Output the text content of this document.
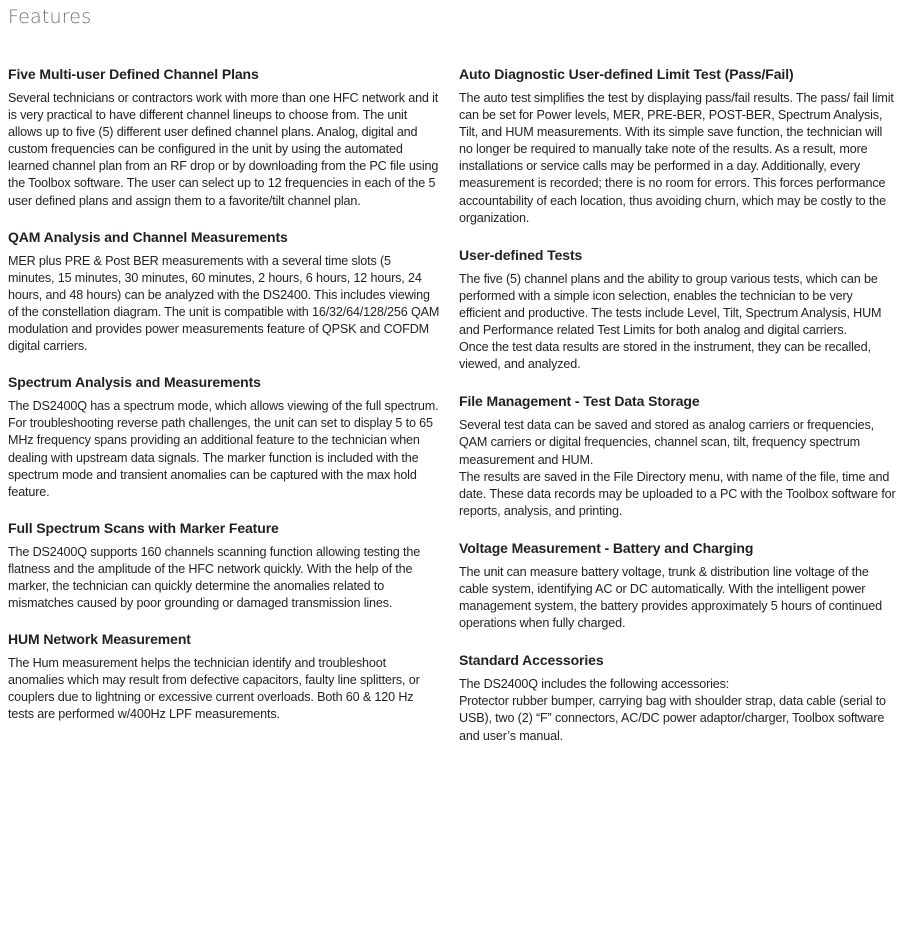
Features
Five Multi-user Defined Channel Plans

Several technicians or contractors work with more than one HFC network and it is very practical to have different channel lineups to choose from. The unit allows up to five (5) different user defined channel plans. Analog, digital and custom frequencies can be configured in the unit by using the automated learned channel plan from an RF drop or by downloading from the PC file using the Toolbox software. The user can select up to 12 frequencies in each of the 5 user defined plans and assign them to a favorite/tilt channel plan.

QAM Analysis and Channel Measurements

MER plus PRE & Post BER measurements with a several time slots (5 minutes, 15 minutes, 30 minutes, 60 minutes, 2 hours, 6 hours, 12 hours, 24 hours, and 48 hours) can be analyzed with the DS2400. This includes viewing of the constellation diagram. The unit is compatible with 16/32/64/128/256 QAM modulation and provides power measurements feature of QPSK and COFDM digital carriers.

Spectrum Analysis and Measurements

The DS2400Q has a spectrum mode, which allows viewing of the full spectrum. For troubleshooting reverse path challenges, the unit can set to display 5 to 65 MHz frequency spans providing an additional feature to the technician when dealing with upstream data signals. The marker function is included with the spectrum mode and transient anomalies can be captured with the max hold feature.

Full Spectrum Scans with Marker Feature

The DS2400Q supports 160 channels scanning function allowing testing the flatness and the amplitude of the HFC network quickly. With the help of the marker, the technician can quickly determine the anomalies related to mismatches caused by poor grounding or damaged transmission lines.

HUM Network Measurement

The Hum measurement helps the technician identify and troubleshoot anomalies which may result from defective capacitors, faulty line splitters, or couplers due to lightning or excessive current overloads. Both 60 & 120 Hz tests are performed w/400Hz LPF measurements.

Auto Diagnostic User-defined Limit Test (Pass/Fail)

The auto test simplifies the test by displaying pass/fail results. The pass/ fail limit can be set for Power levels, MER, PRE-BER, POST-BER, Spectrum Analysis, Tilt, and HUM measurements. With its simple save function, the technician will no longer be required to manually take note of the results. As a result, more installations or service calls may be performed in a day. Additionally, every measurement is recorded; there is no room for errors. This forces performance accountability of each location, thus avoiding churn, which may be costly to the organization.

User-defined Tests

The five (5) channel plans and the ability to group various tests, which can be performed with a simple icon selection, enables the technician to be very efficient and productive. The tests include Level, Tilt, Spectrum Analysis, HUM and Performance related Test Limits for both analog and digital carriers.

Once the test data results are stored in the instrument, they can be recalled, viewed, and analyzed.

File Management - Test Data Storage

Several test data can be saved and stored as analog carriers or frequencies, QAM carriers or digital frequencies, channel scan, tilt, frequency spectrum measurement and HUM.

The results are saved in the File Directory menu, with name of the file, time and date. These data records may be uploaded to a PC with the Toolbox software for reports, analysis, and printing.

Voltage Measurement - Battery and Charging

The unit can measure battery voltage, trunk & distribution line voltage of the cable system, identifying AC or DC automatically. With the intelligent power management system, the battery provides approximately 5 hours of continued operations when fully charged.

Standard Accessories

The DS2400Q includes the following accessories:

Protector rubber bumper, carrying bag with shoulder strap, data cable (serial to USB), two (2) “F” connectors, AC/DC power adaptor/charger, Toolbox software and user’s manual.
